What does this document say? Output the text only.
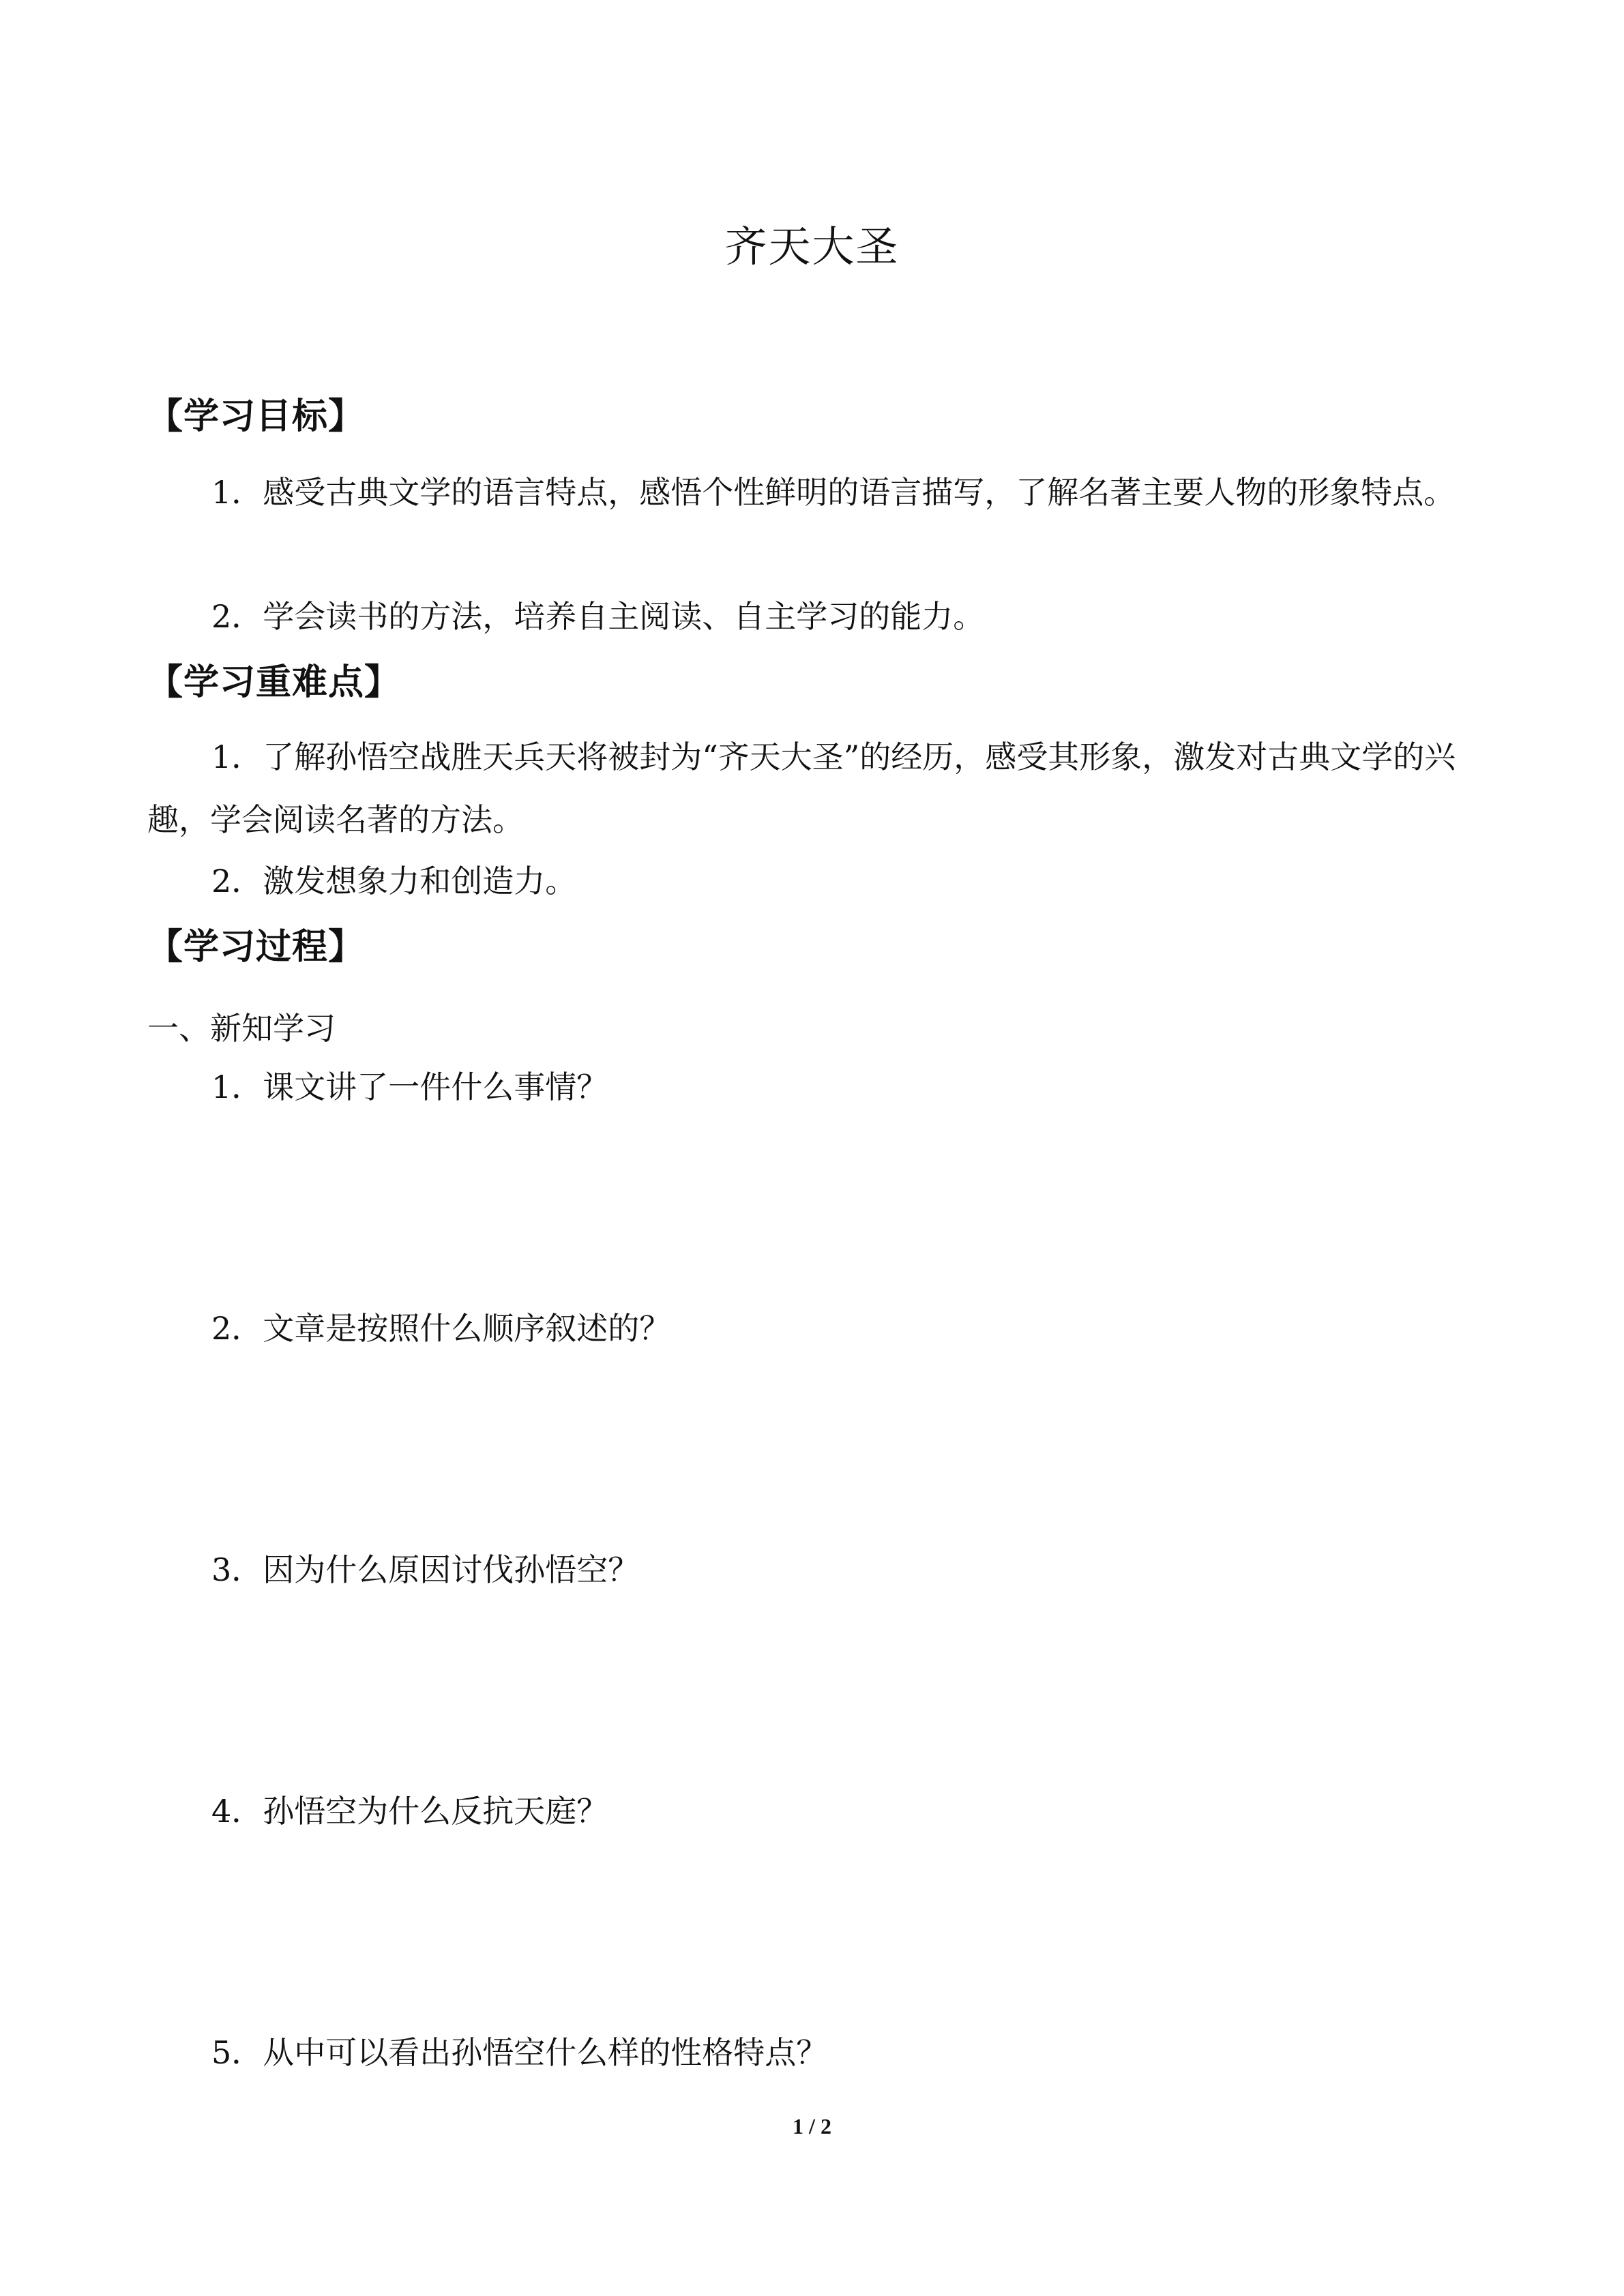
齐天大圣
【学习目标】

1．感受古典文学的语言特点，感悟个性鲜明的语言描写，了解名著主要人物的形象特点。

2．学会读书的方法，培养自主阅读、自主学习的能力。

【学习重难点】

1．了解孙悟空战胜天兵天将被封为“齐天大圣”的经历，感受其形象，激发对古典文学的兴趣，学会阅读名著的方法。

2．激发想象力和创造力。

【学习过程】
一、新知学习
1．课文讲了一件什么事情？
2．文章是按照什么顺序叙述的？
3．因为什么原因讨伐孙悟空？
4．孙悟空为什么反抗天庭？
5．从中可以看出孙悟空什么样的性格特点？
1 / 2
